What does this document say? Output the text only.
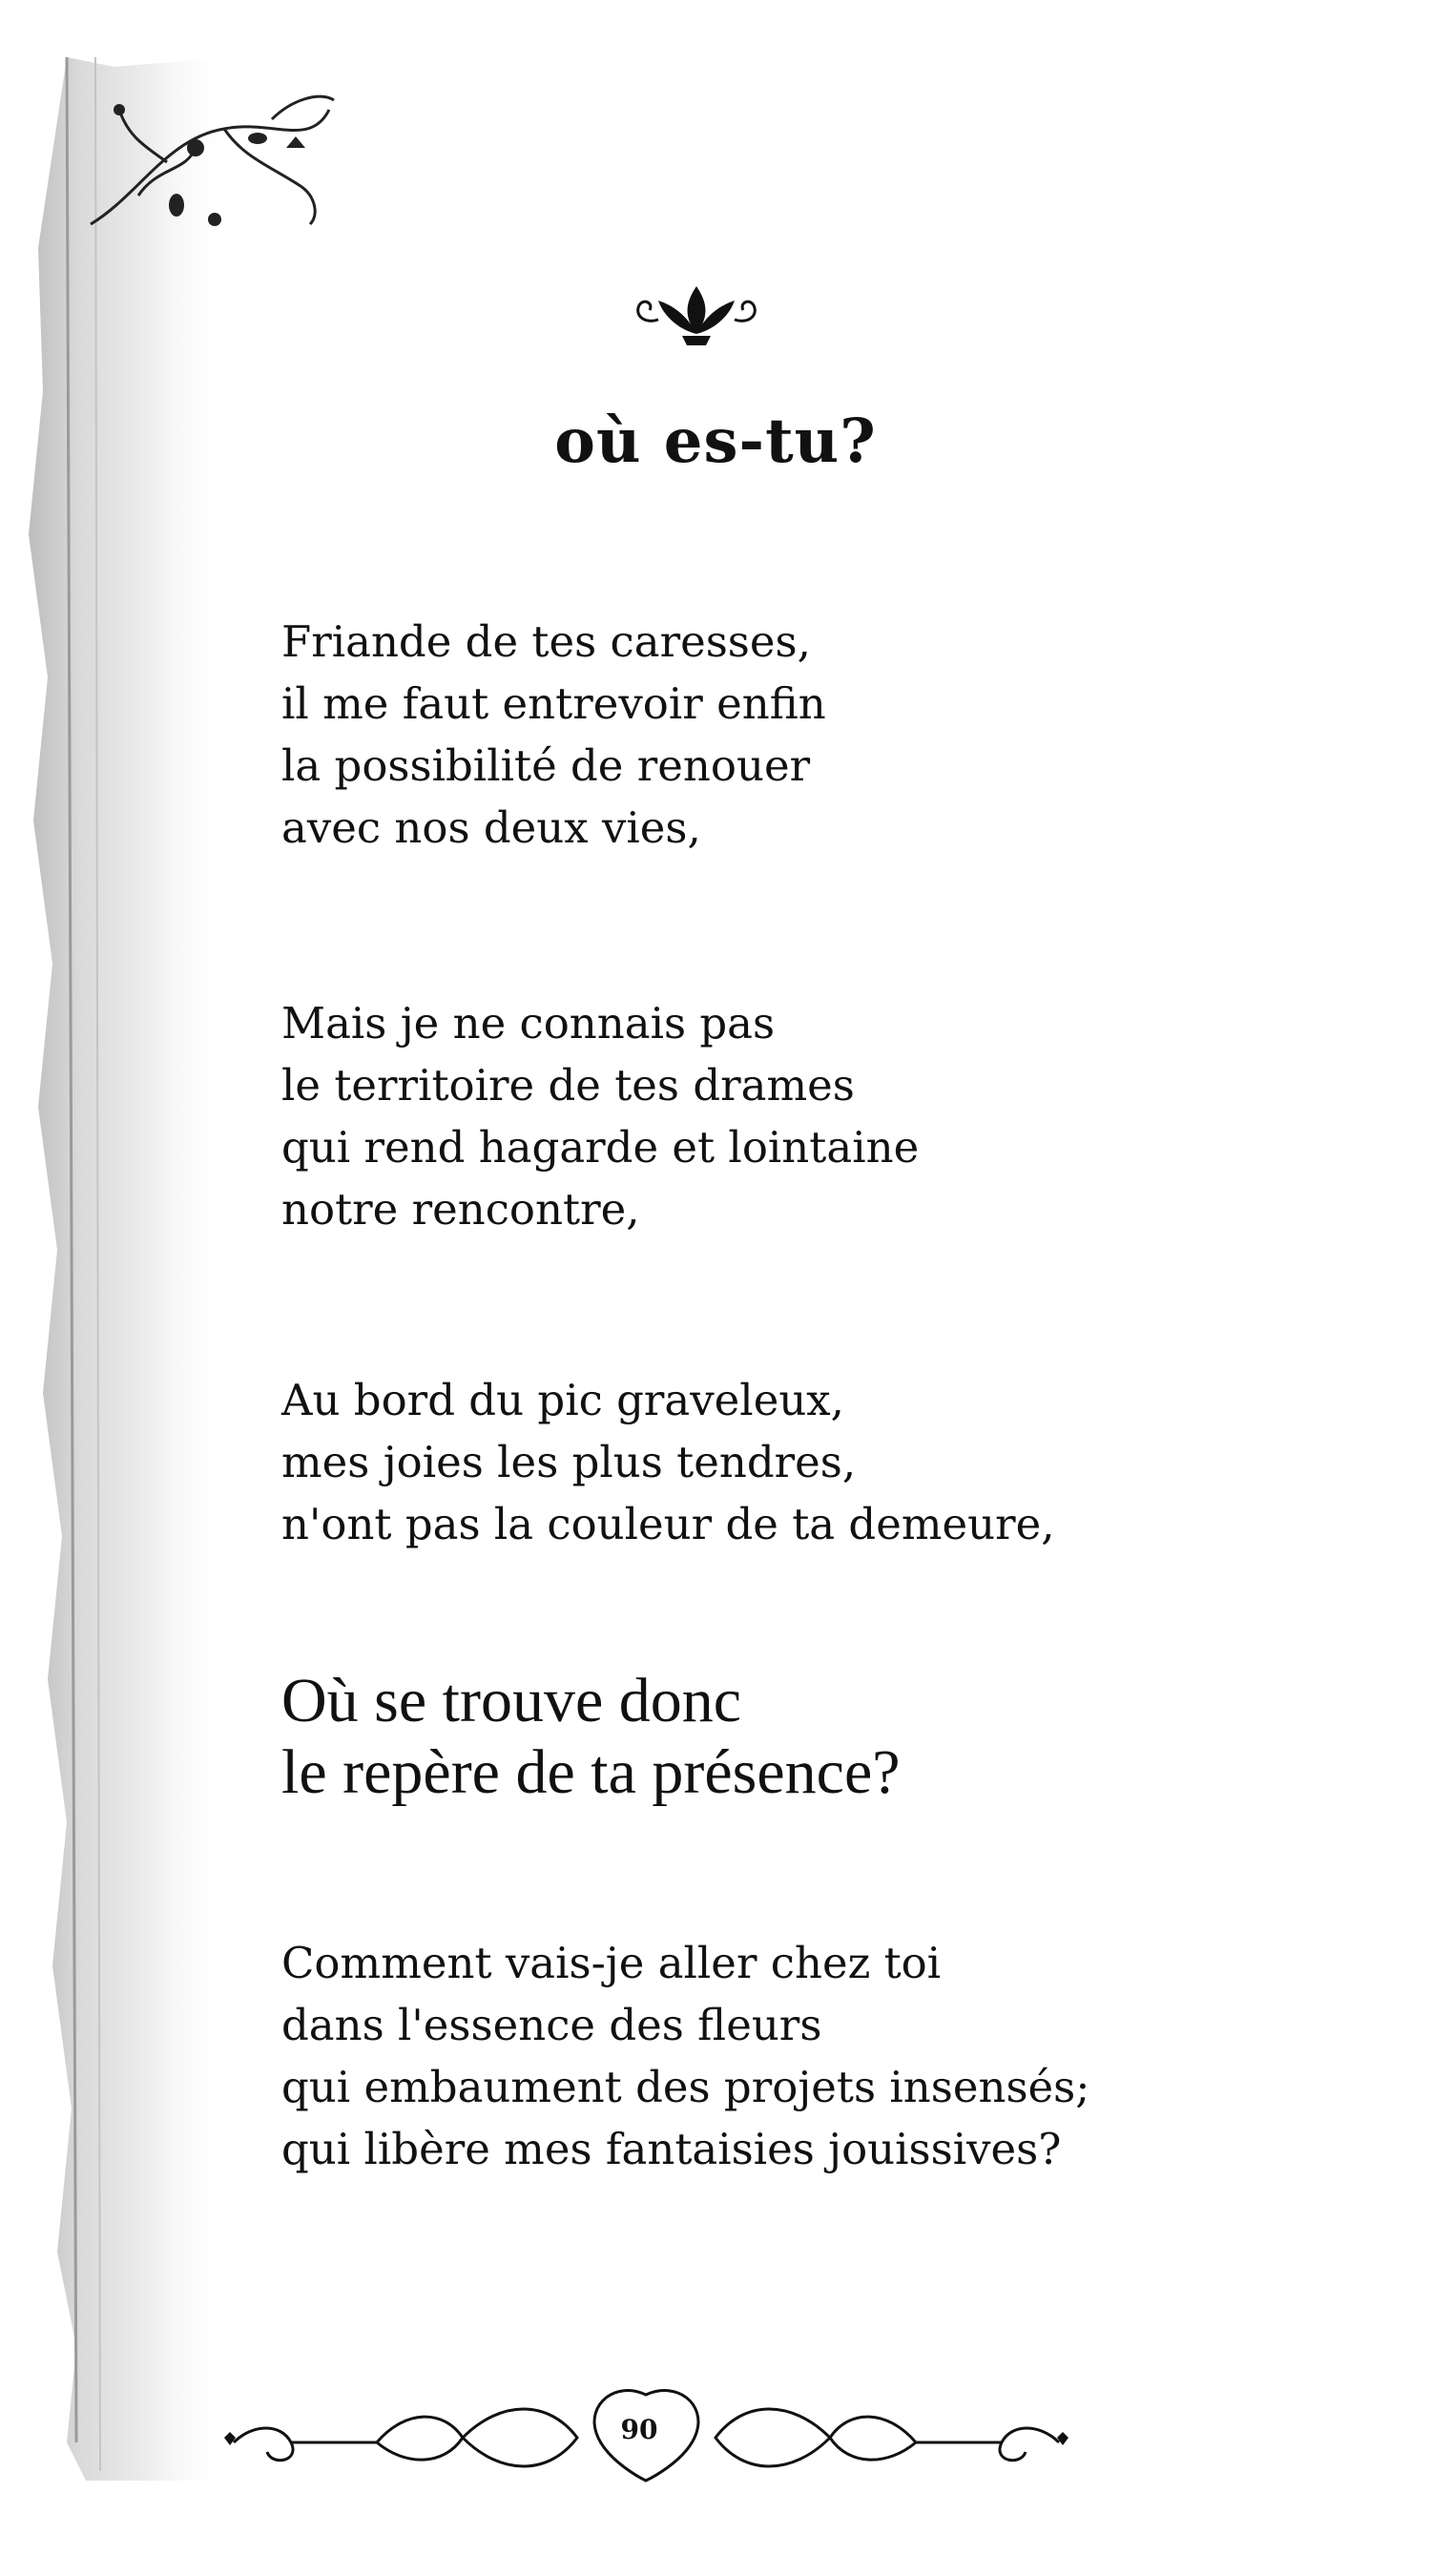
où es-tu?
Friande de tes caresses,
il me faut entrevoir enfin
la possibilité de renouer
avec nos deux vies,
Mais je ne connais pas
le territoire de tes drames
qui rend hagarde et lointaine
notre rencontre,
Au bord du pic graveleux,
mes joies les plus tendres,
n'ont pas la couleur de ta demeure,
Où se trouve donc
le repère de ta présence?
Comment vais-je aller chez toi
dans l'essence des fleurs
qui embaument des projets insensés;
qui libère mes fantaisies jouissives?
90
